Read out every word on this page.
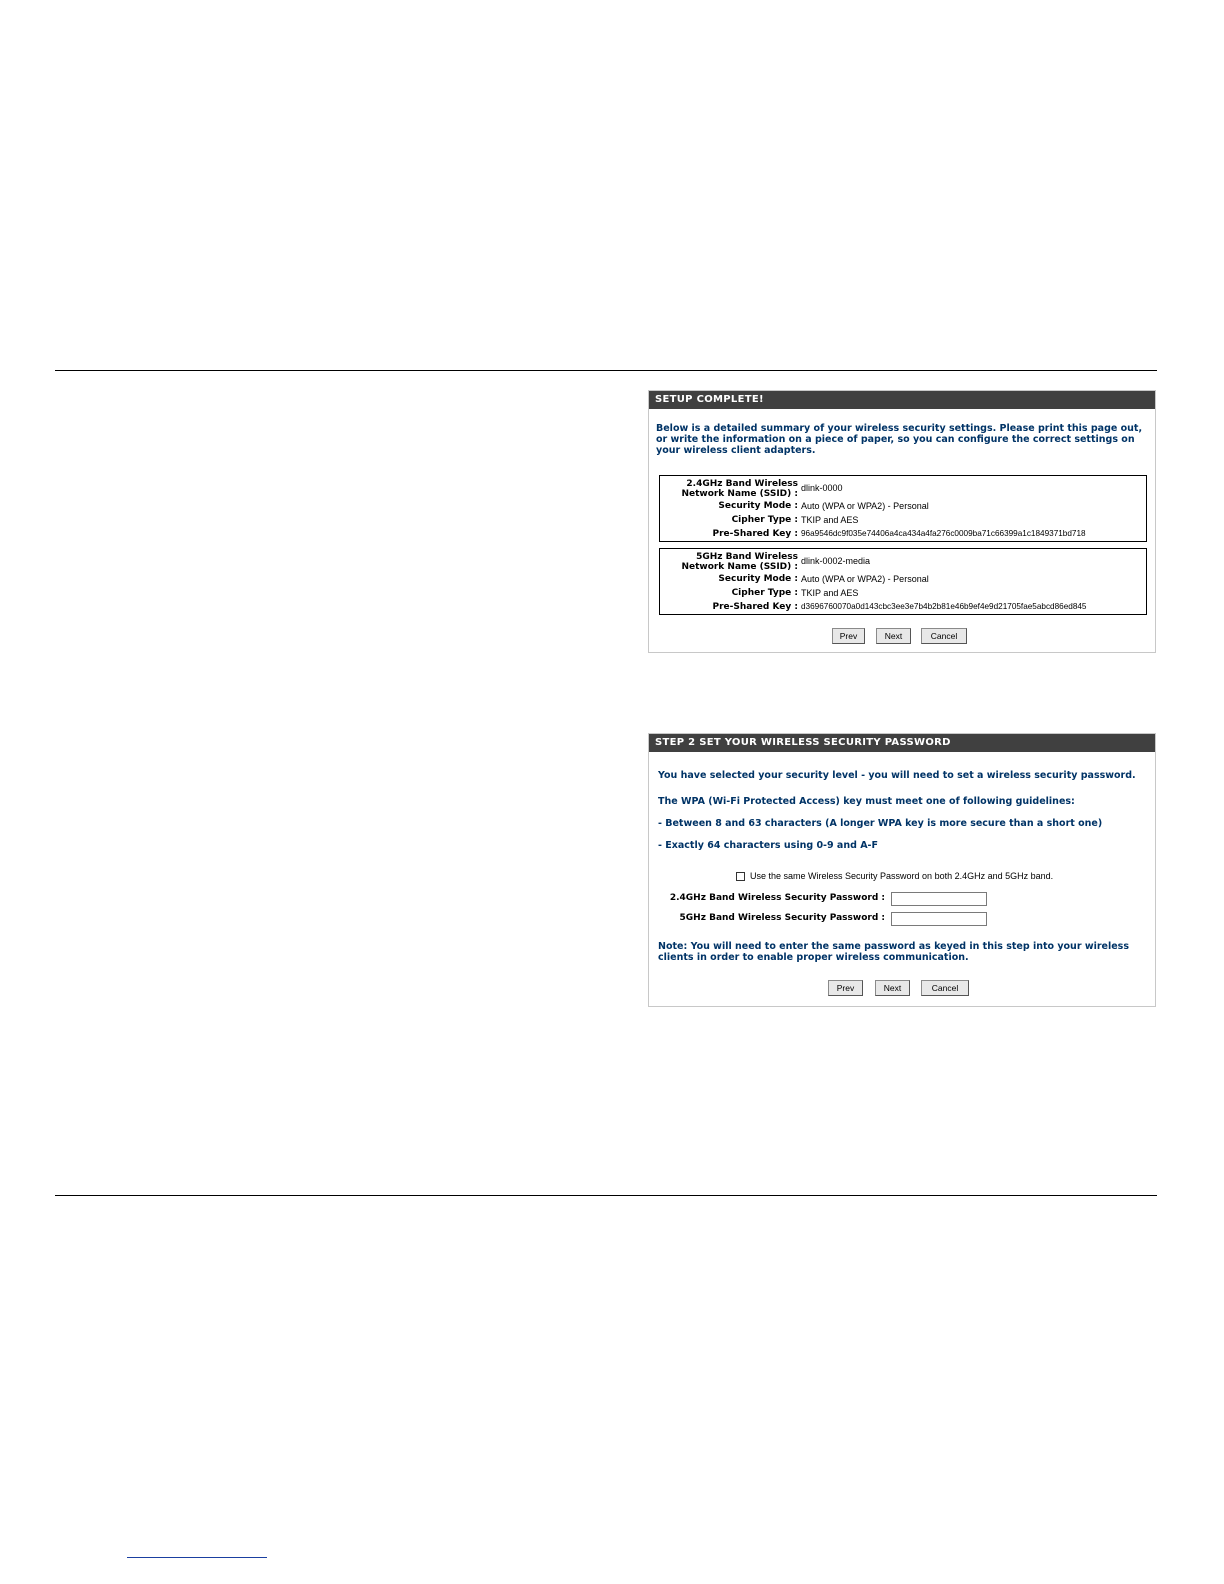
SETUP COMPLETE!
Below is a detailed summary of your wireless security settings. Please print this page out, or write the information on a piece of paper, so you can configure the correct settings on your wireless client adapters.
2.4GHz Band Wireless Network Name (SSID) :
dlink-0000
Security Mode : Auto (WPA or WPA2) - Personal
Cipher Type : TKIP and AES
Pre-Shared Key : 96a9546dc9f035e74406a4ca434a4fa276c0009ba71c66399a1c1849371bd718
5GHz Band Wireless Network Name (SSID) :
dlink-0002-media
Security Mode : Auto (WPA or WPA2) - Personal
Cipher Type : TKIP and AES
Pre-Shared Key : d3696760070a0d143cbc3ee3e7b4b2b81e46b9ef4e9d21705fae5abcd86ed845
Prev	Next	Cancel
STEP 2 SET YOUR WIRELESS SECURITY PASSWORD
You have selected your security level - you will need to set a wireless security password.
The WPA (Wi-Fi Protected Access) key must meet one of following guidelines:
- Between 8 and 63 characters (A longer WPA key is more secure than a short one)
- Exactly 64 characters using 0-9 and A-F
Use the same Wireless Security Password on both 2.4GHz and 5GHz band.
2.4GHz Band Wireless Security Password :
5GHz Band Wireless Security Password :
Note: You will need to enter the same password as keyed in this step into your wireless clients in order to enable proper wireless communication.
Prev	Next	Cancel
